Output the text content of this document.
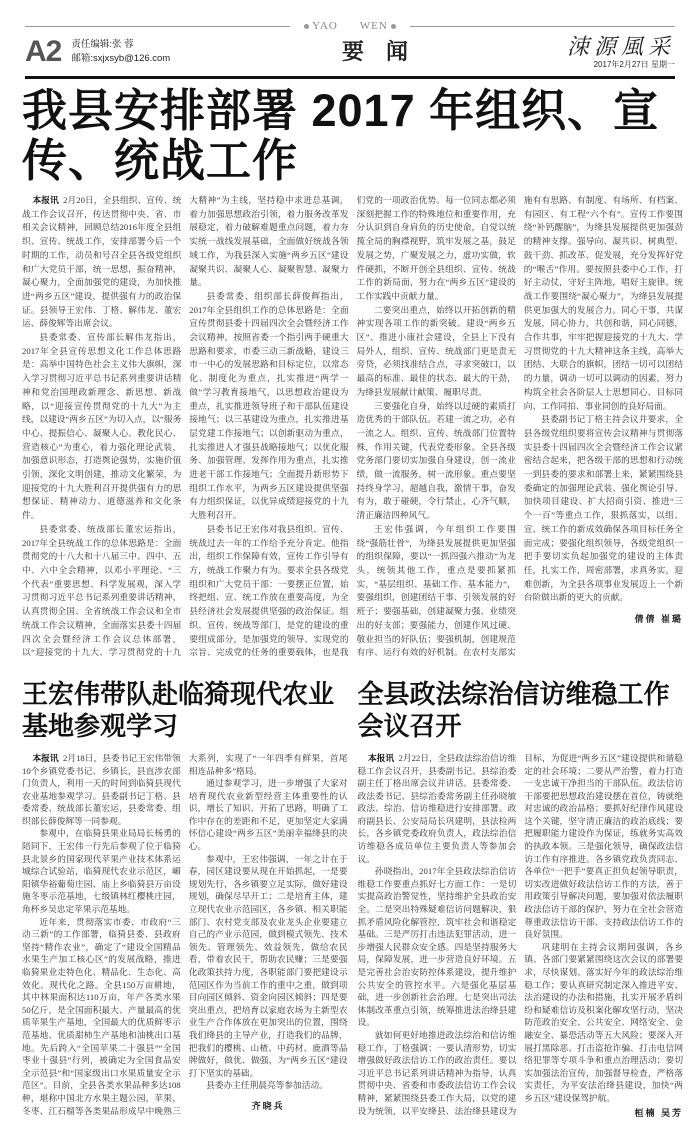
YAO WEN
A2 责任编辑:张 蓉
邮箱:sxjxsyb@126.com	要闻	涑源風采
2017年2月27日 星期一
我县安排部署 2017 年组织、宣传、统战工作

本报讯 2月20日，全县组织、宣传、统战工作会议召开，传达贯彻中央、省、市相关会议精神，回顾总结2016年度全县组织、宣传、统战工作，安排部署今后一个时期的工作，动员和号召全县各级党组织和广大党员干部，统一思想，振奋精神，凝心聚力，全面加强党的建设，为加快推进“两乡五区”建设，提供强有力的政治保证。县领导王宏伟、丁格、解伟龙、董宏运、薛俊辉等出席会议。

县委常委、宣传部长解伟龙指出，2017年全县宣传思想文化工作总体思路是：高举中国特色社会主义伟大旗帜，深入学习贯彻习近平总书记系列重要讲话精神和党治国理政新理念、新思想、新战略，以“迎接宣传贯彻党的十九大”为主线，以建设“两乡五区”为切入点，以“服务中心、提振信心、凝聚人心、教化民心、营造核心”为重心，着力强化理论武装，加强意识形态，打造舆论强势，实施价值引领，深化文明创建，推动文化繁荣，为迎接党的十九大胜利召开提供强有力的思想保证、精神动力、道德滋养和文化条件。

县委常委、统战部长董宏运指出，2017年全县统战工作的总体思路是：全面贯彻党的十八大和十八届三中、四中、五中、六中全会精神，以邓小平理论、“三个代表”重要思想、科学发展观，深入学习贯彻习近平总书记系列重要讲话精神，认真贯彻全国、全省统战工作会议和全市统战工作会议精神，全面落实县委十四届四次全会暨经济工作会议总体部署，以“迎接党的十九大、学习贯彻党的十九大精神”为主线，坚持稳中求进总基调，着力加强思想政治引领，着力服务改革发展稳定，着力破解难题重点问题，着力夯实统一战线发展基础，全面做好统战各领域工作，为我县深入实施“两乡五区”建设凝聚共识、凝聚人心、凝聚智慧、凝聚力量。

县委常委、组织部长薛俊辉指出，2017年全县组织工作的总体思路是：全面宣传贯彻县委十四届四次全会暨经济工作会议精神，按照省委一个指引两手硬重大思路和要求，市委三动三新战略，建设三市一中心的发展思路和目标定位，以常态化、制度化为重点，扎实推进“两学一做”学习教育接地气，以思想政治建设为重点，扎实推进领导班子和干部队伍建设接地气；以三基建设为重点，扎实推进基层党建工作接地气；以创新驱动为重点，扎实推进人才强县战略接地气；以优化服务、加强管理、发挥作用为重点，扎实推进老干部工作接地气；全面提升新形势下组织工作水平，为两乡五区建设提供坚强有力组织保证，以优异成绩迎接党的十九大胜利召开。

县委书记王宏伟对我县组织、宣传、统战过去一年的工作给予充分肯定。他指出，组织工作保障有效，宣传工作引导有方，统战工作聚力有为。要求全县各级党组织和广大党员干部：一要摆正位置，始终把组、宣、统工作放在重要高度，为全县经济社会发展提供坚强的政治保证。组织、宣传、统战等部门，是党的建设的重要组成部分，是加强党的领导、实现党的宗旨、完成党的任务的重要载体，也是我们党的一项政治优势。每一位同志都必须深刻把握工作的特殊地位和重要作用，充分认识到自身肩负的历史使命，自觉以统揽全局的胸襟视野，筑牢发展之基，鼓足发展之势，广聚发展之力，虚功实做，软件硬抓，不断开创全县组织、宣传、统战工作的新局面，努力在“两乡五区”建设的工作实践中贡献力量。

二要突出重点，始终以开拓创新的精神实现各项工作的新突破。建设“两乡五区”、推进小康社会建设，全县上下没有局外人，组织、宣传、统战部门更是责无旁贷，必须找准结合点，寻求突破口，以最高的标准、最佳的状态、最大的干劲，为绛县发展献计献策、履职尽责。

三要强化自身，始终以过硬的素质打造优秀的干部队伍。若建一流之功，必有一流之人。组织、宣传、统战部门位置特殊，作用关键，代表党委形象。全县各级党务部门要切实加强自身建设，创一流业绩，做一流服务，树一流形象。重点要坚持终身学习，超越自我，激情干事，奋发有为，敢于碰硬，令行禁止，心齐气顺，清正廉洁四种风气。

王宏伟强调，今年组织工作要围绕“强筋壮骨”，为绛县发展提供更加坚强的组织保障，要以“一抓四强六推动”为龙头，统领其他工作，重点是要抓紧抓实，“基层组织、基础工作、基本能力”，要强组织，创建团结干事、引领发展的好班子；要强基础，创建凝聚力强、业绩突出的好支部；要强能力，创建作风过硬、敬业担当的好队伍；要强机制，创建规范有序、运行有效的好机制。在农村支部实施有有思路、有制度、有场所、有档案、有园区、有工程“六个有”。宣传工作要围绕“补钙醒脑”，为绛县发展提供更加强劲的精神支撑。强导向、凝共识、树典型、鼓干劲、抓改革、促发展，充分发挥好党的“喉舌”作用。要按照县委中心工作，打好主动仗，守好主阵地，唱好主旋律。统战工作要围绕“凝心聚力”，为绛县发展提供更加强大的发展合力。同心干事，共谋发展，同心协力，共创和谐，同心同德，合作共事，牢牢把握迎接党的十九大、学习贯彻党的十九大精神这条主线，高举大团结、大联合的旗帜，团结一切可以团结的力量，调动一切可以调动的因素，努力构筑全社会各阶层人士思想同心、目标同向、工作同拍、事业同创的良好局面。

县委副书记丁格主持会议并要求，全县各级党组织要将宣传会议精神与贯彻落实县委十四届四次全会暨经济工作会议紧密结合起来，把各级干部的思想和行动统一到县委的要求和部署上来，紧紧围绕县委确定的加强理论武装、强化舆论引导、加快项目建设、扩大招商引资、推进“三个一百”等重点工作，狠抓落实，以组、宣、统工作的新成效确保各项目标任务全面完成；要强化组织领导，各级党组织一把手要切实负起加强党的建设的主体责任，扎实工作，周密部署，求真务实，迎难创新，为全县各项事业发展迈上一个新台阶做出新的更大的贡献。

倩倩 崔璐
王宏伟带队赴临猗现代农业
基地参观学习

本报讯 2月18日，县委书记王宏伟带领10个乡镇党委书记、乡镇长，县直涉农部门负责人，利用一天的时间到临猗县现代农业基地参观学习。县委副书记丁格、县委常委、统战部长董宏运，县委常委、组织部长薛俊辉等一同参观。

参观中，在临猗县果业局局长杨勇的陪同下，王宏伟一行先后参观了位于临猗县北景乡的国家现代苹果产业技术体系运城综合试验站，临猗现代农业示范区，嵋阳镇华裕葡萄庄园、庙上乡临猗县万亩设施冬枣示范基地，七级镇林红樱桃庄园，角杯乡吴忠定苹果示范基地。

近年来，贯彻落实市委、市政府“三动三新”的工作部署，临猗县委、县政府坚持“精作农业”，确定了“建设全国精品水果生产加工核心区”的发展战略，推进临猗果业走特色化、精品化、生态化、高效化、现代化之路。全县150万亩耕地，其中林果面积达110万亩，年产各类水果50亿斤，是全国面积最大、产量最高的优质苹果生产基地，全国最大的优质鲜枣示范基地、优质甜柿生产基地和油桃出口基地。先后跨入“全国苹果二十强县”“全国枣业十强县”行列，被确定为全国食品安全示范县”和“国家级出口水果质量安全示范区”。目前，全县各类水果品种多达108种，堪称中国北方水果主题公园，苹果、冬枣、江石榴等各类果品形成早中晚熟三大系列，实现了“一年四季有鲜果，首尾相连品种多”格局。

通过参观学习，进一步增强了大家对培育现代农业新型经营主体重要性的认识，增长了知识、开拓了思路，明确了工作中存在的差距和不足，更加坚定大家满怀信心建设“两乡五区”美丽幸福绛县的决心。

参观中，王宏伟强调，一年之计在于春，园区建设要从现在开始抓起，一是要规划先行，各乡镇要立足实际，做好建设规划，确保尽早开工；二是培育主体，建立现代农业示范园区，各乡镇、相关职能部门、农村党支部及农业龙头企业要建立自己的产业示范园，做到模式领先、技术领先、管理领先、效益领先，做给农民看，带着农民干，帮助农民赚；三是要强化政策扶持力度，各职能部门要把建设示范园区作为当前工作的重中之重，做到项目向园区倾斜、资金向园区倾斜；四是要突出重点，把培育以家庭农场为主新型农业生产合作体放在更加突出的位置，围绕我们绛县的主导产业，打造我们的品牌，把我们的樱桃、山楂、中药材、鹿酒等品牌做好，做优、做强，为“两乡五区”建设打下坚实的基础。

县委办主任荆晨亮等参加活动。

齐晓兵
全县政法综治信访维稳工作
会议召开

本报讯 2月22日，全县政法综治信访维稳工作会议召开，县委副书记、县综治委副主任丁格出席会议并讲话。县委常委、政法委书记、县综治委常务副主任孙晓敏政法、综治、信访维稳进行安排部署。政府副县长、公安局局长巩建明，县法检两长，各乡镇党委政府负责人，政法综治信访维稳各成员单位主要负责人等参加会议。

孙晓指出，2017年全县政法综治信访维稳工作要重点抓好七方面工作：一是切实提高政治警觉性，坚持维护全县政治安全。二是突出特殊疑难信访问题解决，狠抓矛盾风险化解管控，筑牢社会和谐稳定基础。三是严厉打击违法犯罪活动，进一步增强人民群众安全感。四是坚持服务大局，保障发展，进一步营造良好环境。五是完善社会治安防控体系建设，提升维护公共安全的管控水平。六是强化基层基础，进一步创新社会治理。七是突出司法体制改革重点引领，统筹推进法治绛县建设。

就如何更好地推进政法综治和信访维稳工作，丁格强调：一要认清形势，切实增强做好政法信访工作的政治责任。要以习近平总书记系列讲话精神为指导，认真贯彻中央、省委和市委政法信访工作会议精神，紧紧围绕县委工作大局，以党的建设为统领，以平安绛县、法治绛县建设为目标，为促进“两乡五区”建设提供和谐稳定的社会环境；二要从严治警，着力打造一支忠诚干净担当的干部队伍。政法信访干部要把思想政治建设摆在首位，铸就绝对忠诚的政治品格；要抓好纪律作风建设这个关键，坚守清正廉洁的政治底线；要把履职能力建设作为保证，练就务实高效的执政本领。三是强化领导，确保政法信访工作有序推进。各乡镇党政负责同志、各单位“一把手”要真正担负起领导职责，切实改进做好政法信访工作的方法，善于用政策引导解决问题，要加强对依法履职政法信访干部的保护，努力在全社会营造尊重政法信访干部、支持政法信访工作的良好氛围。

巩建明在主持会议期间强调，各乡镇、各部门要紧紧围绕这次会议的部署要求，尽快谋划、落实好今年的政法综治维稳工作；要认真研究制定深入推进平安、法治建设的办法和措施，扎实开展矛盾纠纷和疑难信访及积案化解攻坚行动，坚决防范政治安全、公共安全、网络安全、金融安全、暴恐活动等五大风险；要深入开展打黑除恶、打击盗抢诈骗、打击电信网络犯罪等专项斗争和重点治理活动；要切实加强法治宣传，加强督导检查，严格落实责任，为平安法治绛县建设，加快“两乡五区”建设保驾护航。

桓楠 吴芳
